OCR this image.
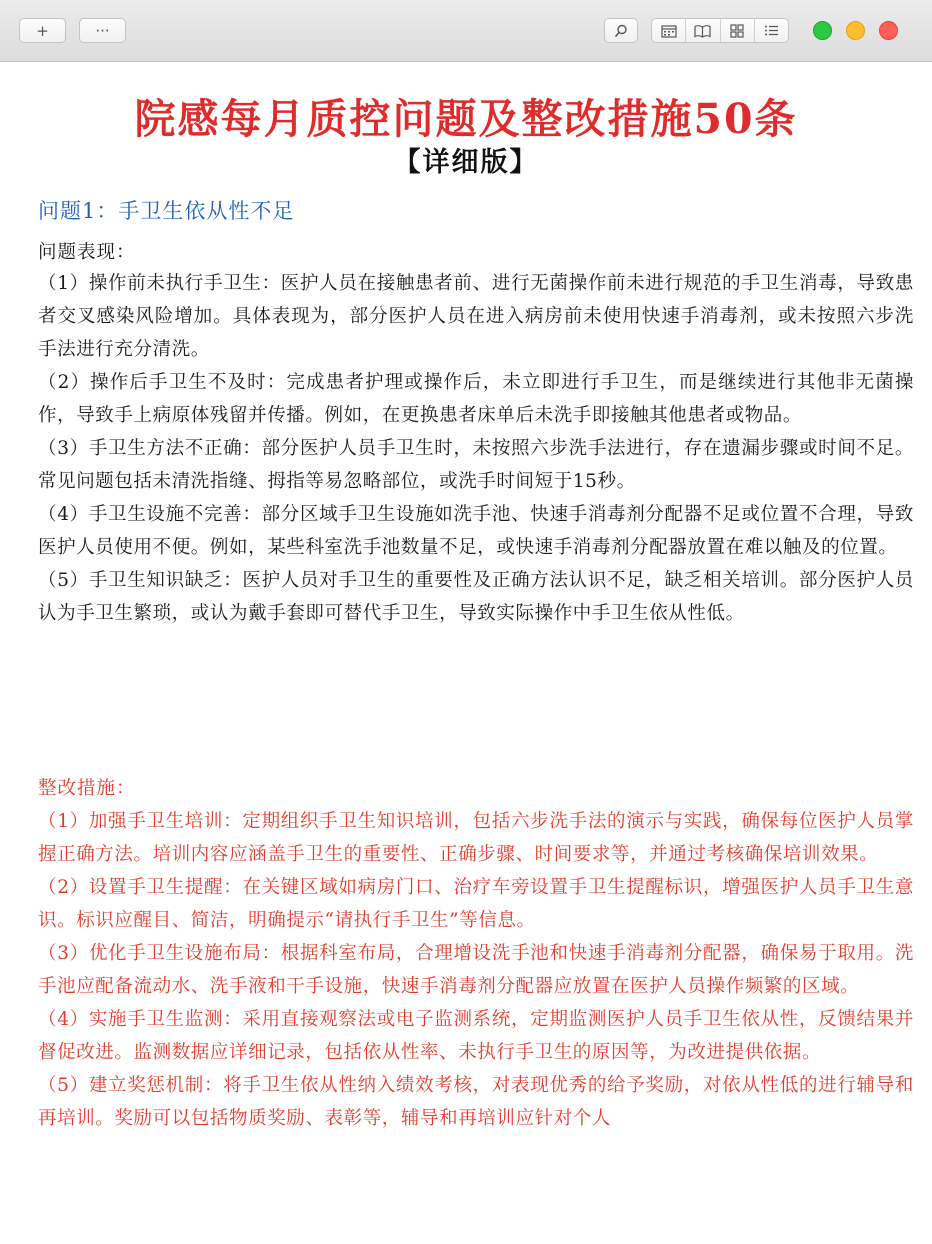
+	···
院感每月质控问题及整改措施50条
【详细版】
问题1：手卫生依从性不足
问题表现：
（1）操作前未执行手卫生：医护人员在接触患者前、进行无菌操作前未进行规范的手卫生消毒，导致患者交叉感染风险增加。具体表现为，部分医护人员在进入病房前未使用快速手消毒剂，或未按照六步洗手法进行充分清洗。
（2）操作后手卫生不及时：完成患者护理或操作后，未立即进行手卫生，而是继续进行其他非无菌操作，导致手上病原体残留并传播。例如，在更换患者床单后未洗手即接触其他患者或物品。
（3）手卫生方法不正确：部分医护人员手卫生时，未按照六步洗手法进行，存在遗漏步骤或时间不足。常见问题包括未清洗指缝、拇指等易忽略部位，或洗手时间短于15秒。
（4）手卫生设施不完善：部分区域手卫生设施如洗手池、快速手消毒剂分配器不足或位置不合理，导致医护人员使用不便。例如，某些科室洗手池数量不足，或快速手消毒剂分配器放置在难以触及的位置。
（5）手卫生知识缺乏：医护人员对手卫生的重要性及正确方法认识不足，缺乏相关培训。部分医护人员认为手卫生繁琐，或认为戴手套即可替代手卫生，导致实际操作中手卫生依从性低。
整改措施：
（1）加强手卫生培训：定期组织手卫生知识培训，包括六步洗手法的演示与实践，确保每位医护人员掌握正确方法。培训内容应涵盖手卫生的重要性、正确步骤、时间要求等，并通过考核确保培训效果。
（2）设置手卫生提醒：在关键区域如病房门口、治疗车旁设置手卫生提醒标识，增强医护人员手卫生意识。标识应醒目、简洁，明确提示“请执行手卫生”等信息。
（3）优化手卫生设施布局：根据科室布局，合理增设洗手池和快速手消毒剂分配器，确保易于取用。洗手池应配备流动水、洗手液和干手设施，快速手消毒剂分配器应放置在医护人员操作频繁的区域。
（4）实施手卫生监测：采用直接观察法或电子监测系统，定期监测医护人员手卫生依从性，反馈结果并督促改进。监测数据应详细记录，包括依从性率、未执行手卫生的原因等，为改进提供依据。
（5）建立奖惩机制：将手卫生依从性纳入绩效考核，对表现优秀的给予奖励，对依从性低的进行辅导和再培训。奖励可以包括物质奖励、表彰等，辅导和再培训应针对个人
